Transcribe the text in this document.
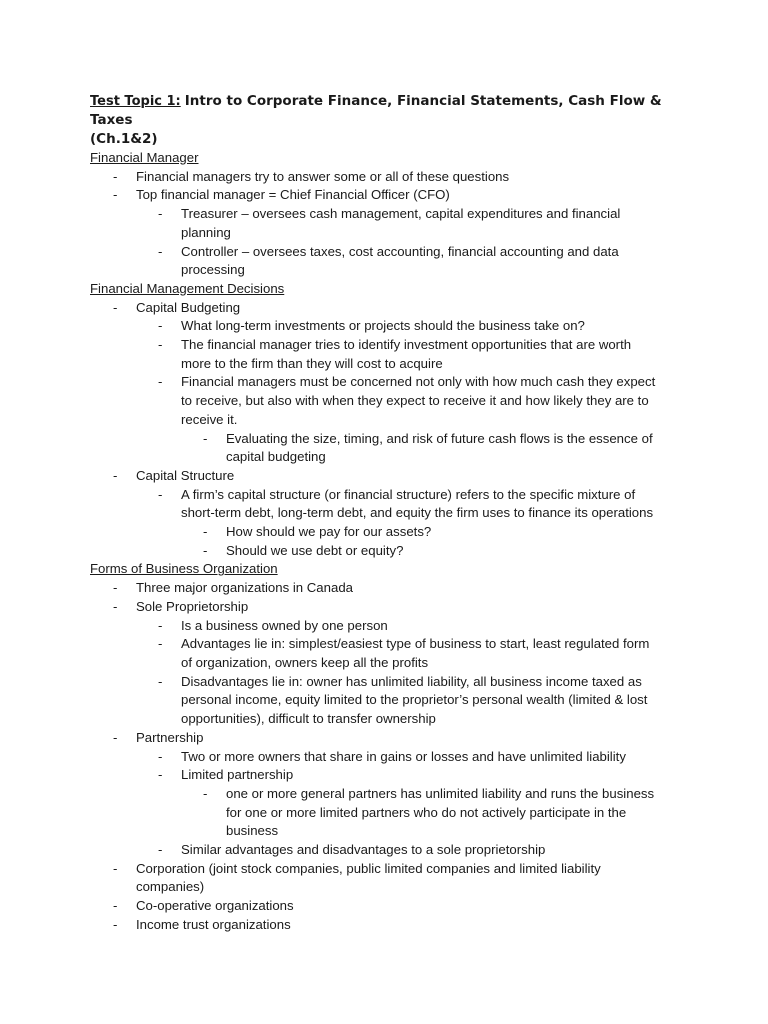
Test Topic 1: Intro to Corporate Finance, Financial Statements, Cash Flow & Taxes
(Ch.1&2)
Financial Manager
- Financial managers try to answer some or all of these questions
- Top financial manager = Chief Financial Officer (CFO)
- Treasurer – oversees cash management, capital expenditures and financial
planning
- Controller – oversees taxes, cost accounting, financial accounting and data
processing
Financial Management Decisions
- Capital Budgeting
- What long-term investments or projects should the business take on?
- The financial manager tries to identify investment opportunities that are worth
more to the firm than they will cost to acquire
- Financial managers must be concerned not only with how much cash they expect
to receive, but also with when they expect to receive it and how likely they are to
receive it.
- Evaluating the size, timing, and risk of future cash flows is the essence of
capital budgeting
- Capital Structure
- A firm’s capital structure (or financial structure) refers to the specific mixture of
short-term debt, long-term debt, and equity the firm uses to finance its operations
- How should we pay for our assets?
- Should we use debt or equity?
Forms of Business Organization
- Three major organizations in Canada
- Sole Proprietorship
- Is a business owned by one person
- Advantages lie in: simplest/easiest type of business to start, least regulated form
of organization, owners keep all the profits
- Disadvantages lie in: owner has unlimited liability, all business income taxed as
personal income, equity limited to the proprietor’s personal wealth (limited & lost
opportunities), difficult to transfer ownership
- Partnership
- Two or more owners that share in gains or losses and have unlimited liability
- Limited partnership
- one or more general partners has unlimited liability and runs the business
for one or more limited partners who do not actively participate in the
business
- Similar advantages and disadvantages to a sole proprietorship
- Corporation (joint stock companies, public limited companies and limited liability
companies)
- Co-operative organizations
- Income trust organizations
